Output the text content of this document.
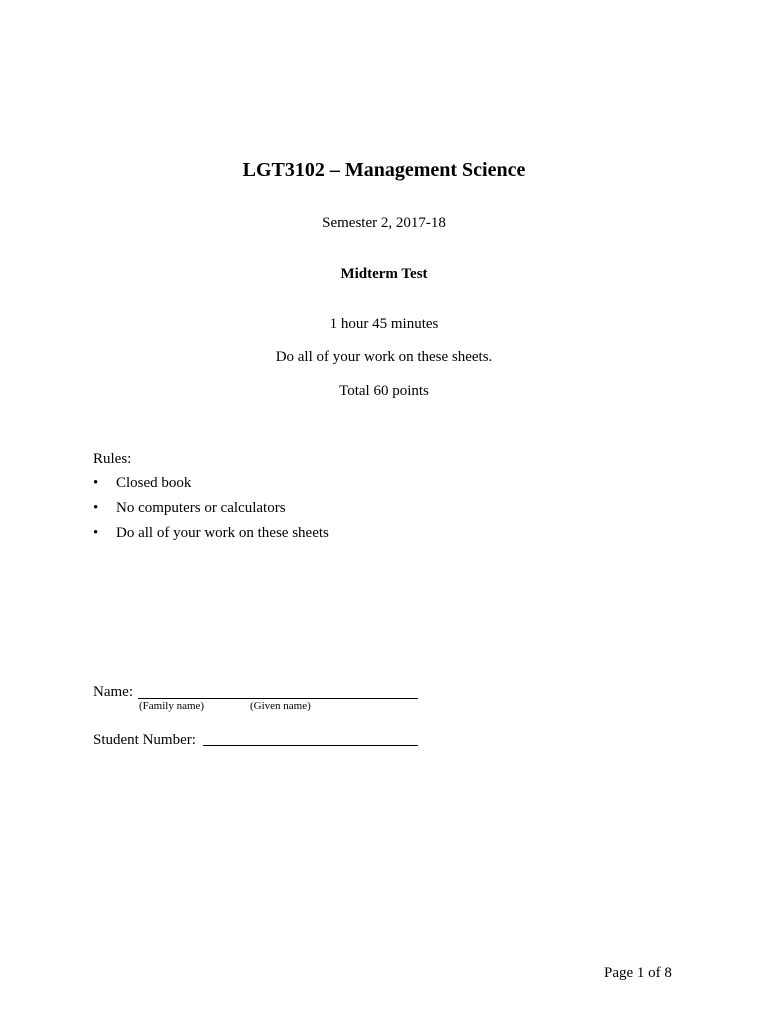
LGT3102 – Management Science
Semester 2, 2017-18
Midterm Test
1 hour 45 minutes
Do all of your work on these sheets.
Total 60 points
Rules:
•	Closed book
•	No computers or calculators
•	Do all of your work on these sheets
Name:
(Family name)	(Given name)
Student Number:
Page 1 of 8
